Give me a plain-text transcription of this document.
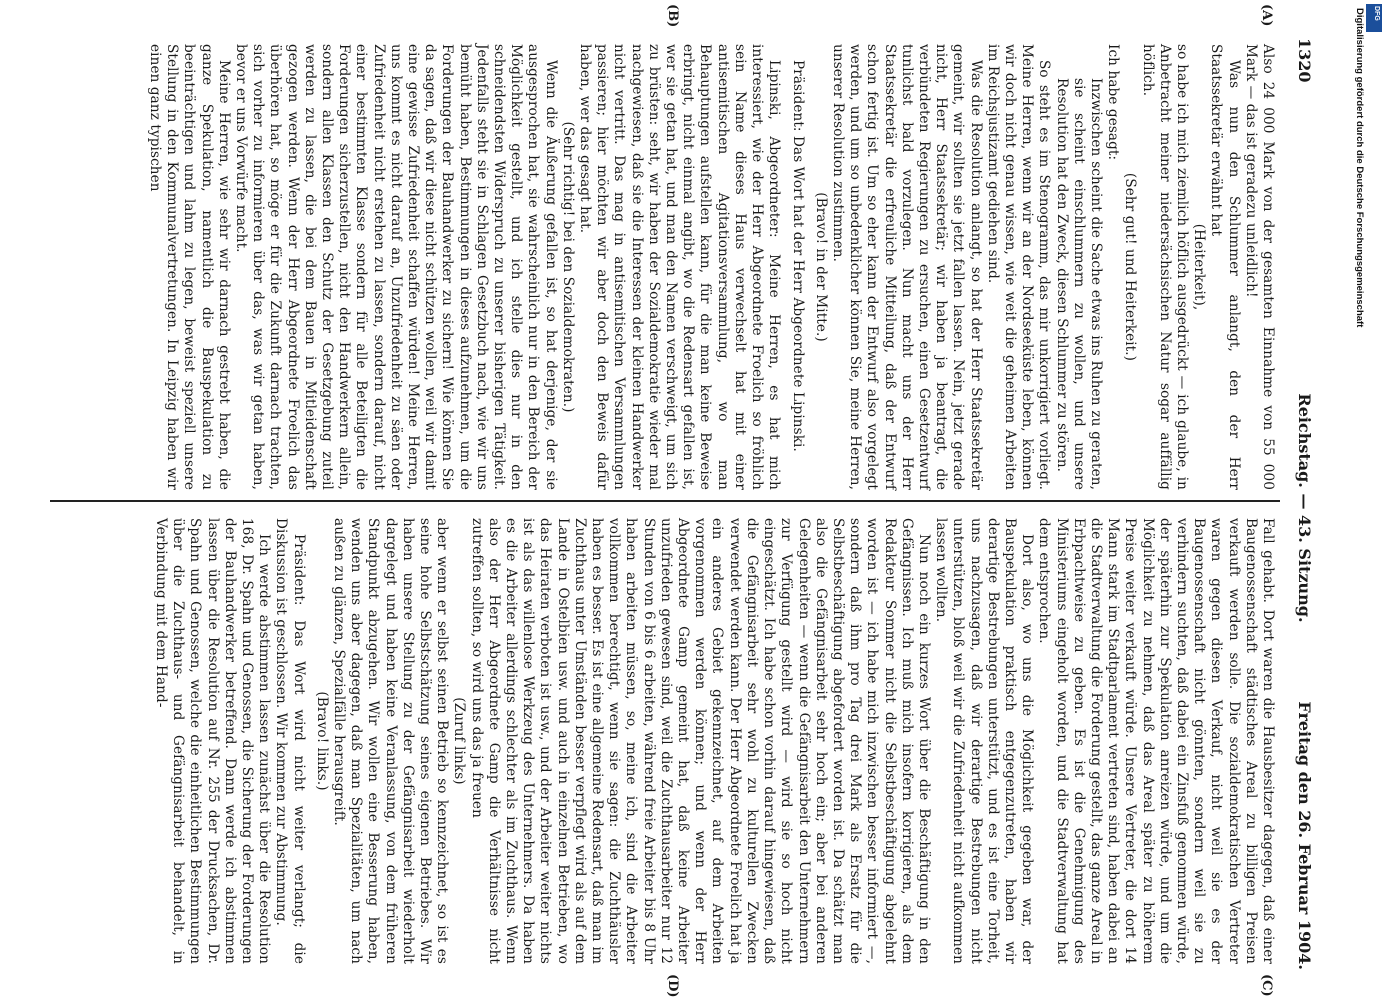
1320
Reichstag. — 43. Sitzung.
Freitag den 26. Februar 1904.
(A)
(B)
(C)
(D)

Also 24 000 Mark von der gesamten Einnahme von 55 000 Mark — das ist geradezu unleidlich!

Was nun den Schlummer anlangt, den der Herr Staatssekretär erwähnt hat

(Heiterkeit),

so habe ich mich ziemlich höflich ausgedrückt — ich glaube, in Anbetracht meiner niedersächsischen Natur sogar auffällig höflich.

(Sehr gut! und Heiterkeit.)

Ich habe gesagt:

Inzwischen scheint die Sache etwas ins Ruhen zu geraten, sie scheint einschlummern zu wollen, und unsere Resolution hat den Zweck, diesen Schlummer zu stören.

So steht es im Stenogramm, das mir unkorrigiert vorliegt. Meine Herren, wenn wir an der Nordseeküste leben, können wir doch nicht genau wissen, wie weit die geheimen Arbeiten im Reichsjustizamt gediehen sind.

Was die Resolution anlangt, so hat der Herr Staatssekretär gemeint, wir sollten sie jetzt fallen lassen. Nein, jetzt gerade nicht, Herr Staatssekretär; wir haben ja beantragt, die verbündeten Regierungen zu ersuchen, einen Gesetzentwurf tunlichst bald vorzulegen. Nun macht uns der Herr Staatssekretär die erfreuliche Mitteilung, daß der Entwurf schon fertig ist. Um so eher kann der Entwurf also vorgelegt werden, und um so unbedenklicher können Sie, meine Herren, unserer Resolution zustimmen.

(Bravo! in der Mitte.)

Präsident: Das Wort hat der Herr Abgeordnete Lipinski.

Lipinski, Abgeordneter: Meine Herren, es hat mich interessiert, wie der Herr Abgeordnete Froelich so fröhlich sein Name dieses Haus verwechselt hat mit einer antisemitischen Agitationsversammlung, wo man Behauptungen aufstellen kann, für die man keine Beweise erbringt, nicht einmal angibt, wo die Redensart gefallen ist, wer sie getan hat, und man den Namen verschweigt, um sich zu brüsten: seht, wir haben der Sozialdemokratie wieder mal nachgewiesen, daß sie die Interessen der kleinen Handwerker nicht vertritt. Das mag in antisemitischen Versammlungen passieren; hier möchten wir aber doch den Beweis dafür haben, wer das gesagt hat.

(Sehr richtig! bei den Sozialdemokraten.)

Wenn die Äußerung gefallen ist, so hat derjenige, der sie ausgesprochen hat, sie wahrscheinlich nur in den Bereich der Möglichkeit gestellt, und ich stelle dies nur in den schneidendsten Widerspruch zu unserer bisherigen Tätigkeit. Jedenfalls steht sie in Schlagen Gesetzbuch nach, wie wir uns bemüht haben, Bestimmungen in dieses aufzunehmen, um die Forderungen der Bauhandwerker zu sichern! Wie können Sie da sagen, daß wir diese nicht schützen wollen, weil wir damit eine gewisse Zufriedenheit schaffen würden! Meine Herren, uns kommt es nicht darauf an, Unzufriedenheit zu säen oder Zufriedenheit nicht erstehen zu lassen, sondern darauf, nicht einer bestimmten Klasse sondern für alle Beteiligten die Forderungen sicherzustellen, nicht den Handwerkern allein, sondern allen Klassen den Schutz der Gesetzgebung zuteil werden zu lassen, die bei dem Bauen in Mitleidenschaft gezogen werden. Wenn der Herr Abgeordnete Froelich das überhören hat, so möge er für die Zukunft darnach trachten, sich vorher zu informieren über das, was wir getan haben, bevor er uns Vorwürfe macht.

Meine Herren, wie sehr wir darnach gestrebt haben, die ganze Spekulation, namentlich die Bauspekulation zu beeinträchtigen und lahm zu legen, beweist speziell unsere Stellung in den Kommunalvertretungen. In Leipzig haben wir einen ganz typischen

Fall gehabt. Dort waren die Hausbesitzer dagegen, daß einer Baugenossenschaft städtisches Areal zu billigen Preisen verkauft werden solle. Die sozialdemokratischen Vertreter waren gegen diesen Verkauf, nicht weil sie es der Baugenossenschaft nicht gönnten, sondern weil sie zu verhindern suchten, daß dabei ein Zinsfuß genommen würde, der späterhin zur Spekulation anreizen würde, und um die Möglichkeit zu nehmen, daß das Areal später zu höherem Preise weiter verkauft würde. Unsere Vertreter, die dort 14 Mann stark im Stadtparlament vertreten sind, haben dabei an die Stadtverwaltung die Forderung gestellt, das ganze Areal in Erbpachtweise zu geben. Es ist die Genehmigung des Ministeriums eingeholt worden, und die Stadtverwaltung hat dem entsprochen.

Dort also, wo uns die Möglichkeit gegeben war, der Bauspekulation praktisch entgegenzutreten, haben wir derartige Bestrebungen unterstützt, und es ist eine Torheit, uns nachzusagen, daß wir derartige Bestrebungen nicht unterstützen, bloß weil wir die Zufriedenheit nicht aufkommen lassen wollten.

Nun noch ein kurzes Wort über die Beschäftigung in den Gefängnissen. Ich muß mich insofern korrigieren, als dem Redakteur Sommer nicht die Selbstbeschäftigung abgelehnt worden ist — ich habe mich inzwischen besser informiert —, sondern daß ihm pro Tag drei Mark als Ersatz für die Selbstbeschäftigung abgefordert worden ist. Da schätzt man also die Gefängnisarbeit sehr hoch ein; aber bei anderen Gelegenheiten — wenn die Gefängnisarbeit den Unternehmern zur Verfügung gestellt wird — wird sie so hoch nicht eingeschätzt. Ich habe schon vorhin darauf hingewiesen, daß die Gefängnisarbeit sehr wohl zu kulturellen Zwecken verwendet werden kann. Der Herr Abgeordnete Froelich hat ja ein anderes Gebiet gekennzeichnet, auf dem Arbeiten vorgenommen werden können; und wenn der Herr Abgeordnete Gamp gemeint hat, daß keine Arbeiter unzufrieden gewesen sind, weil die Zuchthausarbeiter nur 12 Stunden von 6 bis 6 arbeiten, während freie Arbeiter bis 8 Uhr haben arbeiten müssen, so, meine ich, sind die Arbeiter vollkommen berechtigt, wenn sie sagen: die Zuchthäusler haben es besser. Es ist eine allgemeine Redensart, daß man im Zuchthaus unter Umständen besser verpflegt wird als auf dem Lande in Ostelbien usw. und auch in einzelnen Betrieben, wo das Heiraten verboten ist usw., und der Arbeiter weiter nichts ist als das willenlose Werkzeug des Unternehmers. Da haben es die Arbeiter allerdings schlechter als im Zuchthaus. Wenn also der Herr Abgeordnete Gamp die Verhältnisse nicht zutreffen sollten, so wird uns das ja freuen

(Zuruf links)

aber wenn er selbst seinen Betrieb so kennzeichnet, so ist es seine hohe Selbstschätzung seines eigenen Betriebes. Wir haben unsere Stellung zu der Gefängnisarbeit wiederholt dargelegt und haben keine Veranlassung, von dem früheren Standpunkt abzugehen. Wir wollen eine Besserung haben, wenden uns aber dagegen, daß man Spezialitäten, um nach außen zu glänzen, Spezialfälle herausgreift.

(Bravo! links.)

Präsident: Das Wort wird nicht weiter verlangt; die Diskussion ist geschlossen. Wir kommen zur Abstimmung.

Ich werde abstimmen lassen zunächst über die Resolution 168, Dr. Spahn und Genossen, die Sicherung der Forderungen der Bauhandwerker betreffend. Dann werde ich abstimmen lassen über die Resolution auf Nr. 255 der Drucksachen, Dr. Spahn und Genossen, welche die einheitlichen Bestimmungen über die Zuchthaus- und Gefängnisarbeit behandelt, in Verbindung mit dem Hand-

Digitalisierung gefördert durch die Deutsche Forschungsgemeinschaft DFG
